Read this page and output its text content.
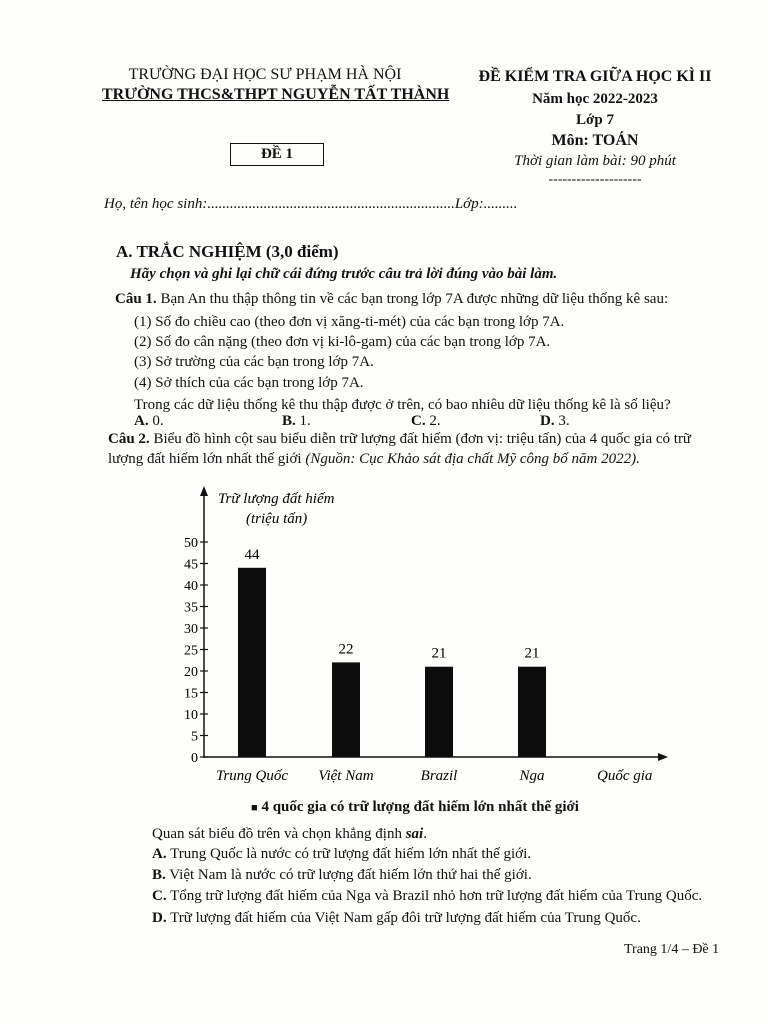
TRƯỜNG ĐẠI HỌC SƯ PHẠM HÀ NỘI
TRƯỜNG THCS&THPT NGUYỄN TẤT THÀNH
ĐỀ 1
ĐỀ KIỂM TRA GIỮA HỌC KÌ II
Năm học 2022-2023
Lớp 7
Môn: TOÁN
Thời gian làm bài: 90 phút
--------------------
Họ, tên học sinh:..................................................................Lớp:.........
A. TRẮC NGHIỆM (3,0 điểm)
Hãy chọn và ghi lại chữ cái đứng trước câu trả lời đúng vào bài làm.
Câu 1. Bạn An thu thập thông tin về các bạn trong lớp 7A được những dữ liệu thống kê sau:
(1) Số đo chiều cao (theo đơn vị xăng-ti-mét) của các bạn trong lớp 7A.
(2) Số đo cân nặng (theo đơn vị ki-lô-gam) của các bạn trong lớp 7A.
(3) Sở trường của các bạn trong lớp 7A.
(4) Sở thích của các bạn trong lớp 7A.
Trong các dữ liệu thống kê thu thập được ở trên, có bao nhiêu dữ liệu thống kê là số liệu?
A. 0.	B. 1.	C. 2.	D. 3.
Câu 2. Biểu đồ hình cột sau biểu diễn trữ lượng đất hiếm (đơn vị: triệu tấn) của 4 quốc gia có trữ
lượng đất hiếm lớn nhất thế giới (Nguồn: Cục Khảo sát địa chất Mỹ công bố năm 2022).
Trữ lượng đất hiếm
(triệu tấn)
Quốc gia
0
5
10
15
20
25
30
35
40
45
50
44
Trung Quốc
22
Việt Nam
21
Brazil
21
Nga
■ 4 quốc gia có trữ lượng đất hiếm lớn nhất thế giới
Quan sát biểu đồ trên và chọn khẳng định sai.
A. Trung Quốc là nước có trữ lượng đất hiếm lớn nhất thế giới.
B. Việt Nam là nước có trữ lượng đất hiếm lớn thứ hai thế giới.
C. Tổng trữ lượng đất hiếm của Nga và Brazil nhỏ hơn trữ lượng đất hiếm của Trung Quốc.
D. Trữ lượng đất hiếm của Việt Nam gấp đôi trữ lượng đất hiếm của Trung Quốc.
Trang 1/4 – Đề 1
